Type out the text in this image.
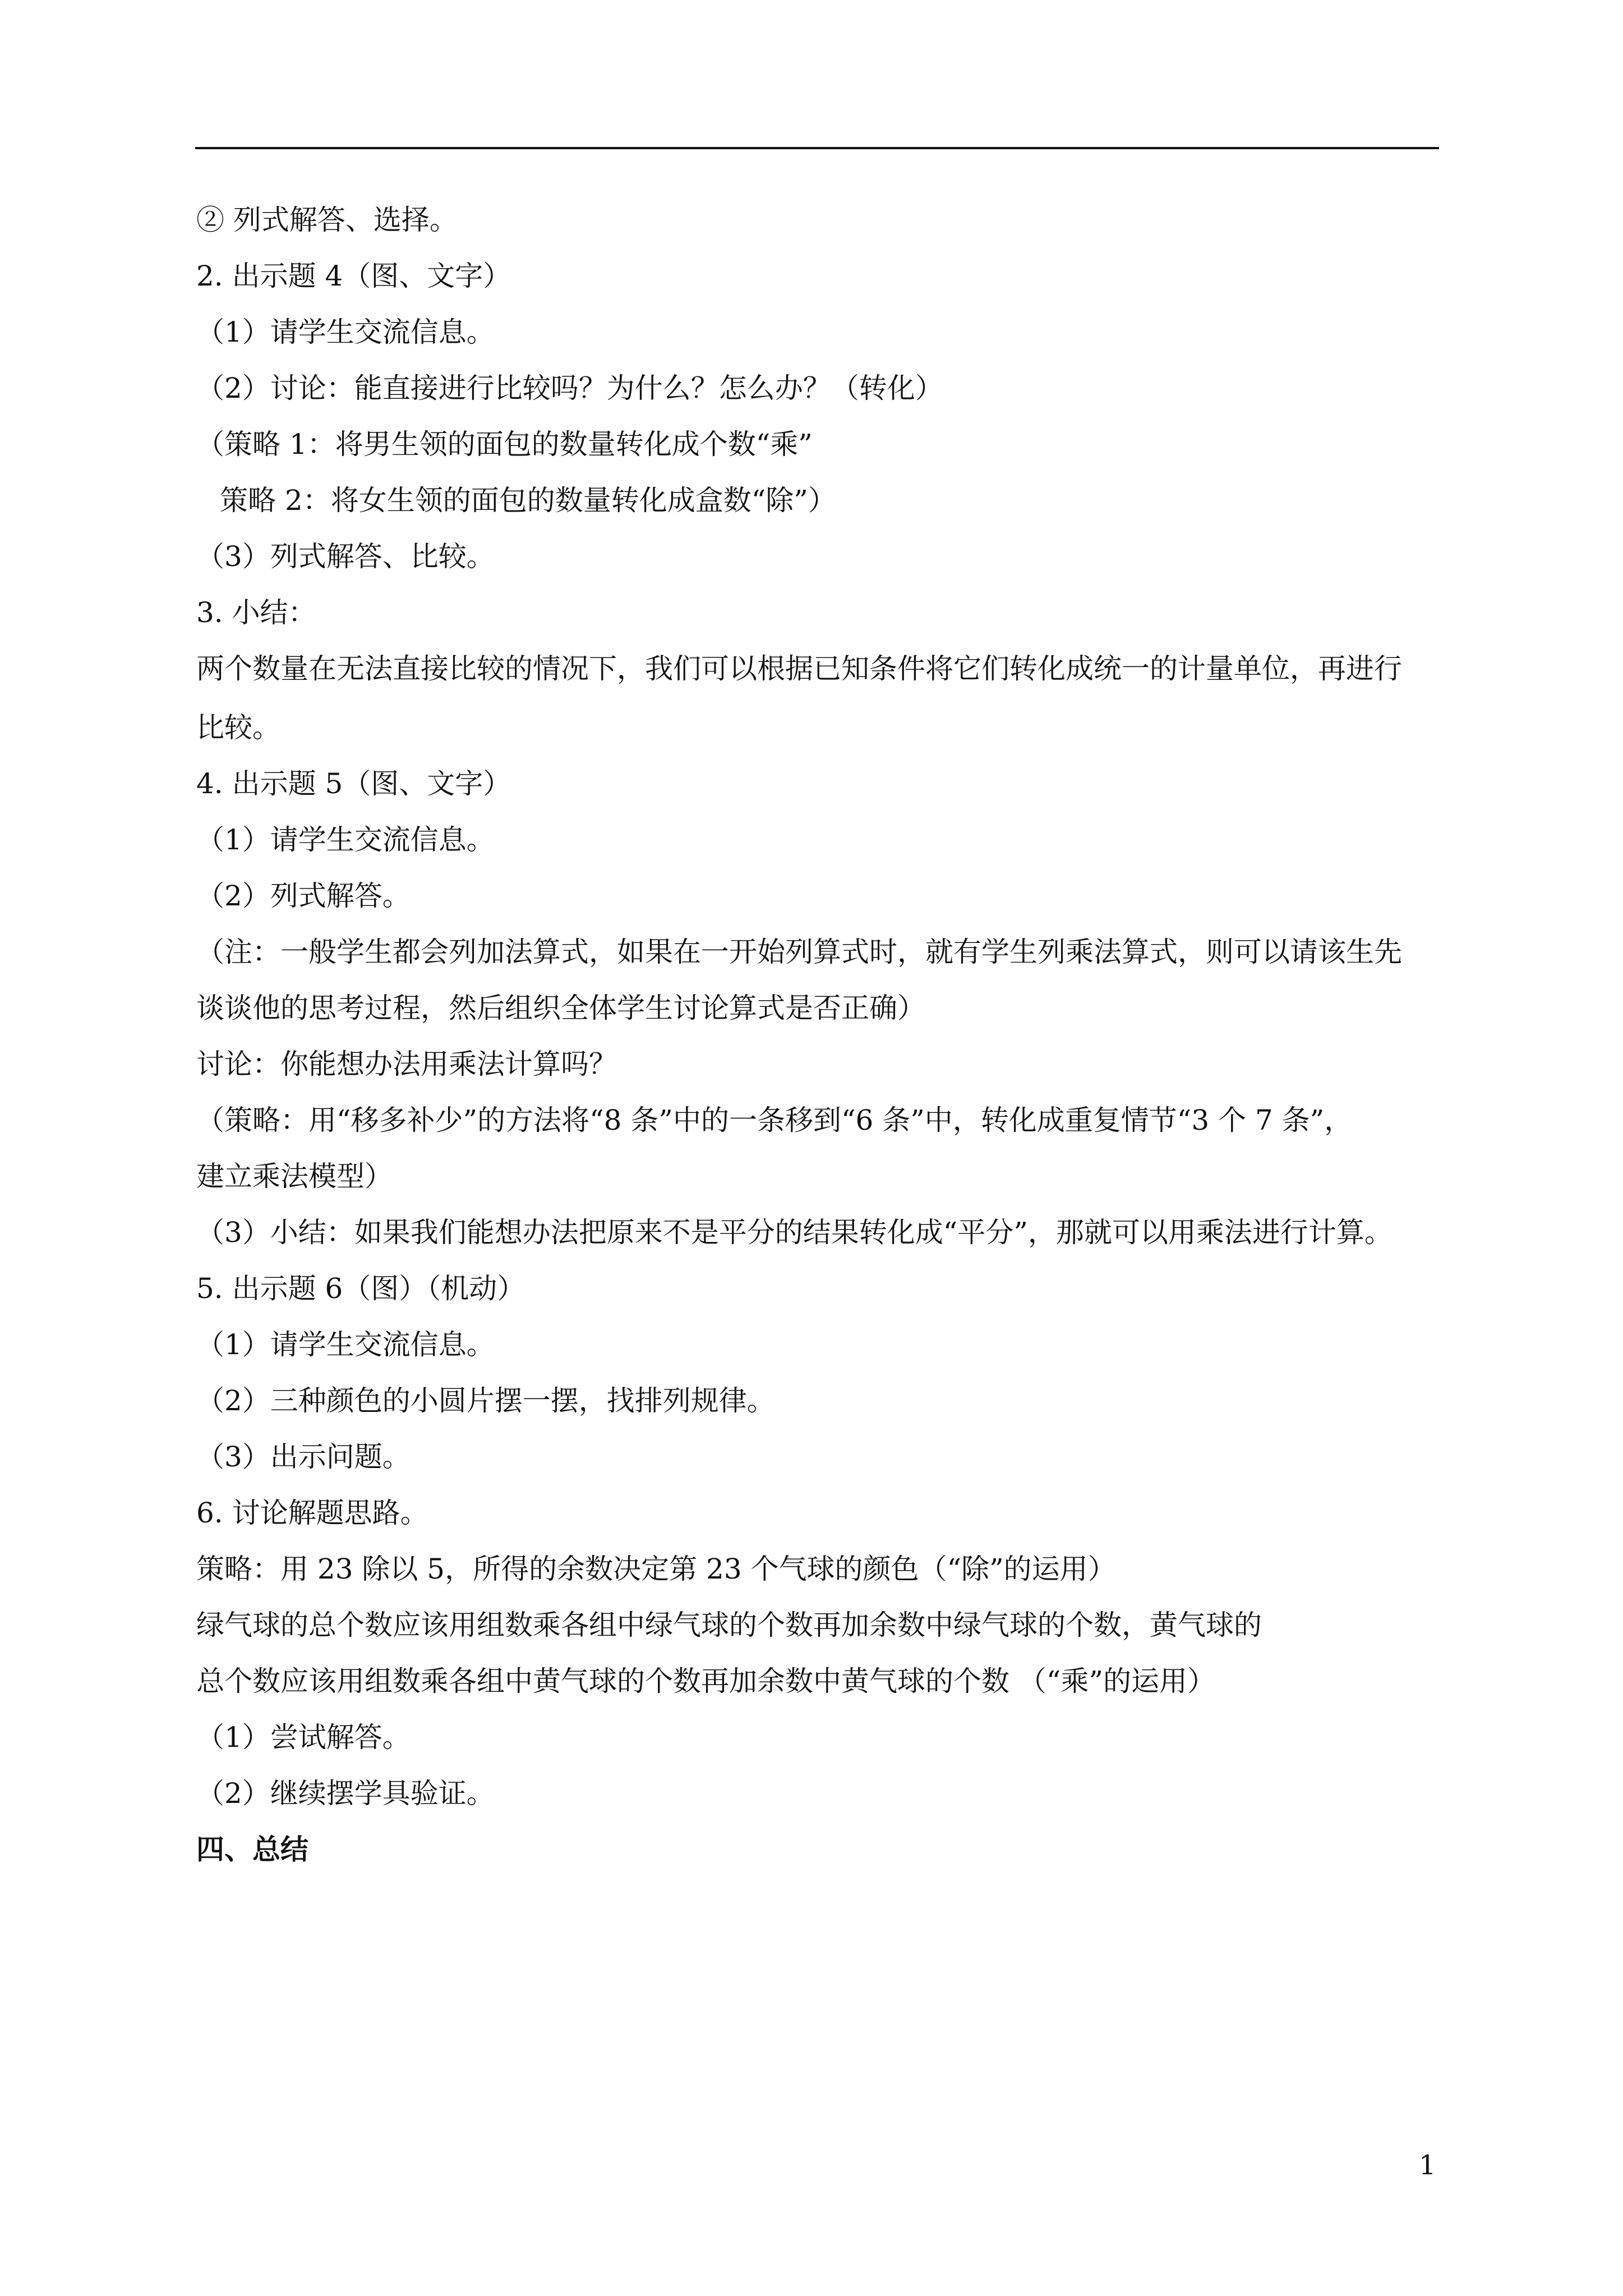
② 列式解答、选择。
2. 出示题 4（图、文字）
（1）请学生交流信息。
（2）讨论：能直接进行比较吗？为什么？怎么办？（转化）
（策略 1：将男生领的面包的数量转化成个数“乘”
策略 2：将女生领的面包的数量转化成盒数“除”）
（3）列式解答、比较。
3. 小结：
两个数量在无法直接比较的情况下，我们可以根据已知条件将它们转化成统一的计量单位，再进行
比较。
4. 出示题 5（图、文字）
（1）请学生交流信息。
（2）列式解答。
（注：一般学生都会列加法算式，如果在一开始列算式时，就有学生列乘法算式，则可以请该生先
谈谈他的思考过程，然后组织全体学生讨论算式是否正确）
讨论：你能想办法用乘法计算吗？
（策略：用“移多补少”的方法将“8 条”中的一条移到“6 条”中，转化成重复情节“3 个 7 条”，
建立乘法模型）
（3）小结：如果我们能想办法把原来不是平分的结果转化成“平分”，那就可以用乘法进行计算。
5. 出示题 6（图）（机动）
（1）请学生交流信息。
（2）三种颜色的小圆片摆一摆，找排列规律。
（3）出示问题。
6. 讨论解题思路。
策略：用 23 除以 5，所得的余数决定第 23 个气球的颜色（“除”的运用）
绿气球的总个数应该用组数乘各组中绿气球的个数再加余数中绿气球的个数，黄气球的
总个数应该用组数乘各组中黄气球的个数再加余数中黄气球的个数 （“乘”的运用）
（1）尝试解答。
（2）继续摆学具验证。
四、总结
1
